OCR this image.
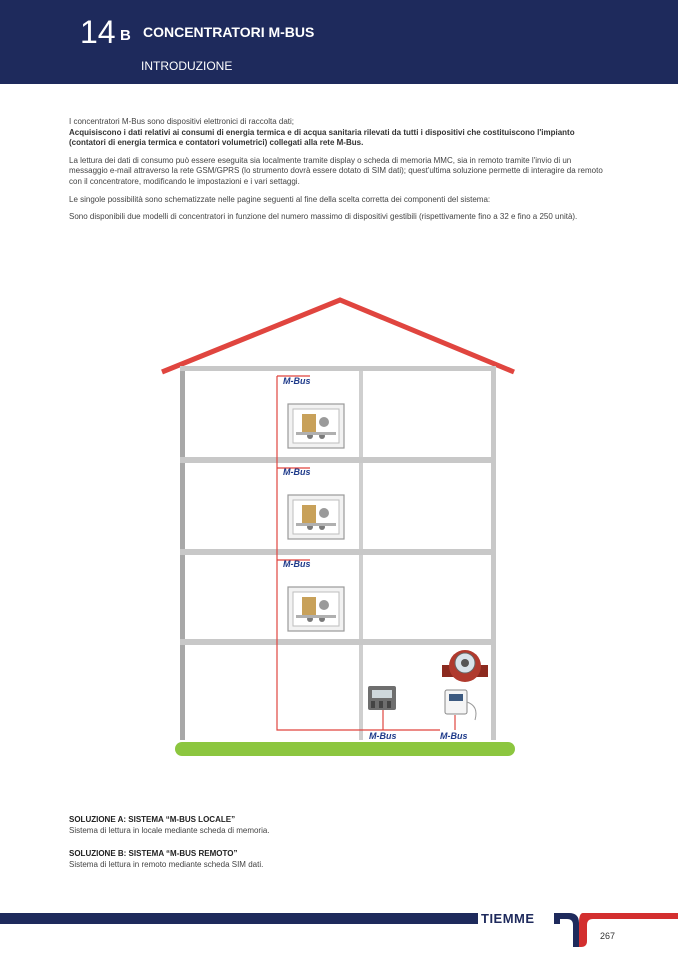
14 B CONCENTRATORI M-BUS
INTRODUZIONE

I concentratori M-Bus sono dispositivi elettronici di raccolta dati;
Acquisiscono i dati relativi ai consumi di energia termica e di acqua sanitaria rilevati da tutti i dispositivi che costituiscono l'impianto (contatori di energia termica e contatori volumetrici) collegati alla rete M-Bus.

La lettura dei dati di consumo può essere eseguita sia localmente tramite display o scheda di memoria MMC, sia in remoto tramite l'invio di un messaggio e-mail attraverso la rete GSM/GPRS (lo strumento dovrà essere dotato di SIM dati); quest'ultima soluzione permette di interagire da remoto con il concentratore, modificando le impostazioni e i vari settaggi.

Le singole possibilità sono schematizzate nelle pagine seguenti al fine della scelta corretta dei componenti del sistema:

Sono disponibili due modelli di concentratori in funzione del numero massimo di dispositivi gestibili (rispettivamente fino a 32 e fino a 250 unità).

M-Bus
M-Bus
M-Bus
M-Bus	M-Bus
SOLUZIONE A: SISTEMA “M-BUS LOCALE”
Sistema di lettura in locale mediante scheda di memoria.
SOLUZIONE B: SISTEMA “M-BUS REMOTO”
Sistema di lettura in remoto mediante scheda SIM dati.
TIEMME
267
